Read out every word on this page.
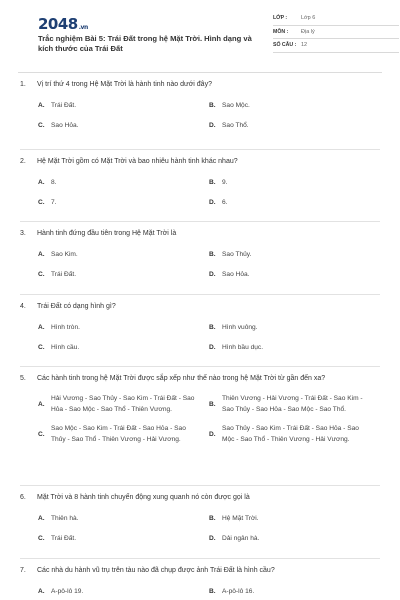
2048.vn
Trắc nghiệm Bài 5: Trái Đất trong hệ Mặt Trời. Hình dạng và kích thước của Trái Đất
LỚP :	Lớp 6
MÔN :	Địa lý
SỐ CÂU : 12
1.	Vị trí thứ 4 trong Hệ Mặt Trời là hành tinh nào dưới đây?
A. Trái Đất.	B. Sao Mộc.
C. Sao Hỏa.	D. Sao Thổ.
2.	Hệ Mặt Trời gồm có Mặt Trời và bao nhiêu hành tinh khác nhau?
A. 8.	B. 9.
C. 7.	D. 6.
3.	Hành tinh đứng đầu tiên trong Hệ Mặt Trời là
A. Sao Kim.	B. Sao Thủy.
C. Trái Đất.	D. Sao Hỏa.
4.	Trái Đất có dạng hình gì?
A. Hình tròn.	B. Hình vuông.
C. Hình cầu.	D. Hình bầu dục.
5.	Các hành tinh trong hệ Mặt Trời được sắp xếp như thế nào trong hệ Mặt Trời từ gần đến xa?
A.
Hải Vương - Sao Thủy - Sao Kim - Trái Đất - Sao Hỏa - Sao Mộc - Sao Thổ - Thiên Vương.
B.
Thiên Vương - Hải Vương - Trái Đất - Sao Kim - Sao Thủy - Sao Hỏa - Sao Mộc - Sao Thổ.
C.
Sao Mộc - Sao Kim - Trái Đất - Sao Hỏa - Sao Thủy - Sao Thổ - Thiên Vương - Hải Vương.
D.
Sao Thủy - Sao Kim - Trái Đất - Sao Hỏa - Sao Mộc - Sao Thổ - Thiên Vương - Hải Vương.
6.	Mặt Trời và 8 hành tinh chuyển động xung quanh nó còn được gọi là
A. Thiên hà.	B. Hệ Mặt Trời.
C. Trái Đất.	D. Dải ngân hà.
7.	Các nhà du hành vũ trụ trên tàu nào đã chụp được ảnh Trái Đất là hình cầu?
A. A-pô-lô 19.	B. A-pô-lô 16.
